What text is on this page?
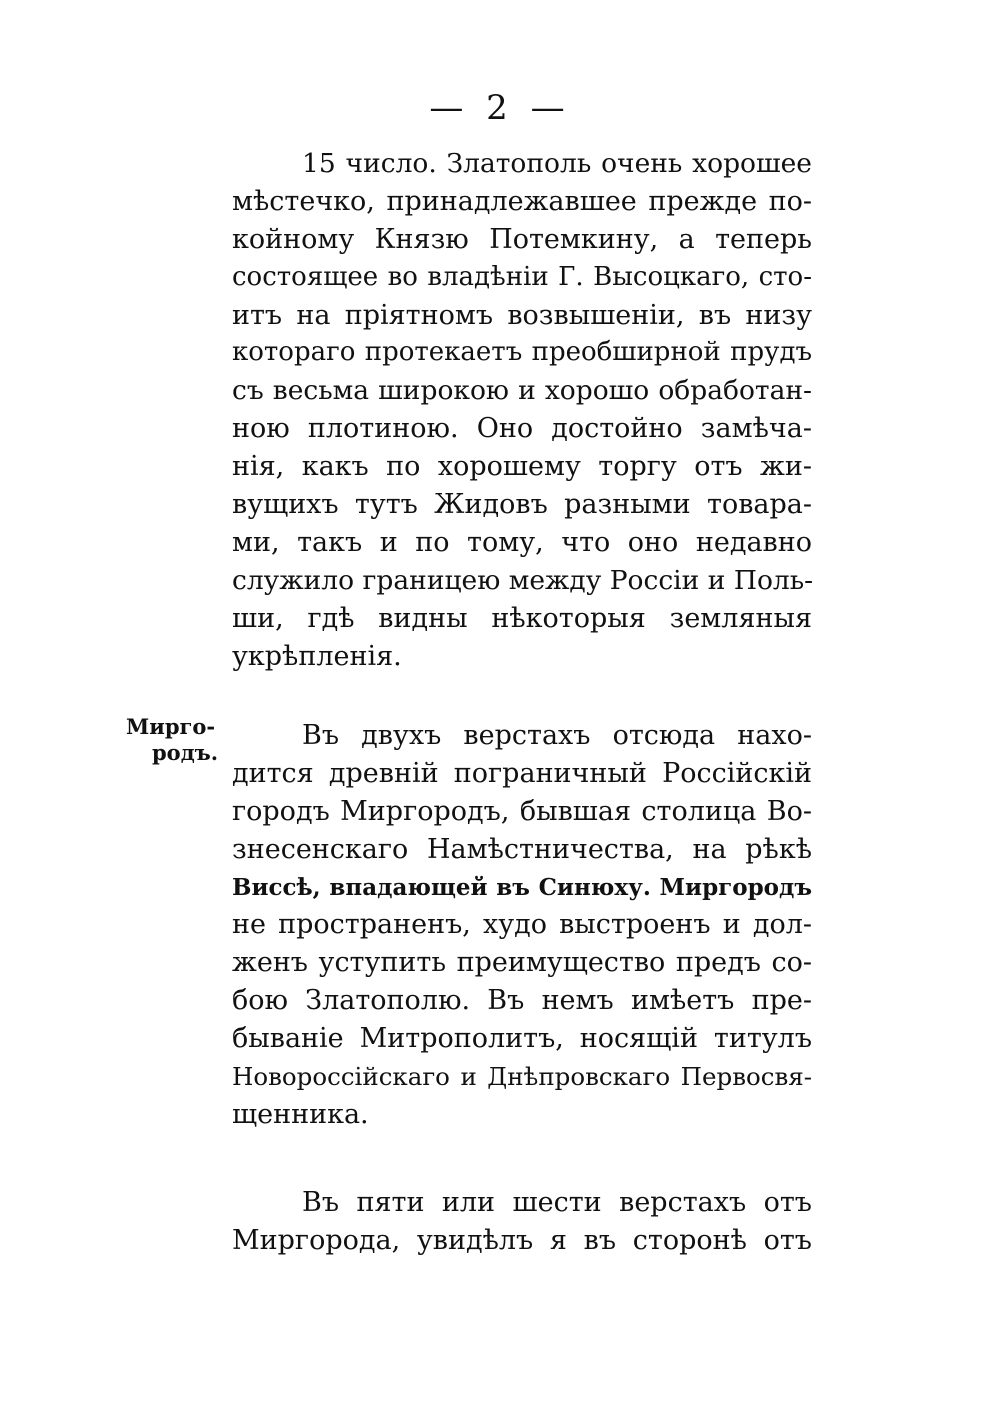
— 2 —
15 число. Златополь очень хорошее
мѣстечко, принадлежавшее прежде по-
койному Князю Потемкину, а теперь
состоящее во владѣніи Г. Высоцкаго, сто-
итъ на пріятномъ возвышеніи, въ низу
котораго протекаетъ преобширной прудъ
съ весьма широкою и хорошо обработан-
ною плотиною. Оно достойно замѣча-
нія, какъ по хорошему торгу отъ жи-
вущихъ тутъ Жидовъ разными товара-
ми, такъ и по тому, что оно недавно
служило границею между Россіи и Поль-
ши, гдѣ видны нѣкоторыя земляныя
укрѣпленія.
Мирго-
родъ.
Въ двухъ верстахъ отсюда нахо-
дится древній пограничный Россійскій
городъ Миргородъ, бывшая столица Во-
знесенскаго Намѣстничества, на рѣкѣ
Виссѣ, впадающей въ Синюху. Миргородъ
не пространенъ, худо выстроенъ и дол-
женъ уступить преимущество предъ со-
бою Златополю. Въ немъ имѣетъ пре-
бываніе Митрополитъ, носящій титулъ
Новороссійскаго и Днѣпровскаго Первосвя-
щенника.
Въ пяти или шести верстахъ отъ
Миргорода, увидѣлъ я въ сторонѣ отъ
